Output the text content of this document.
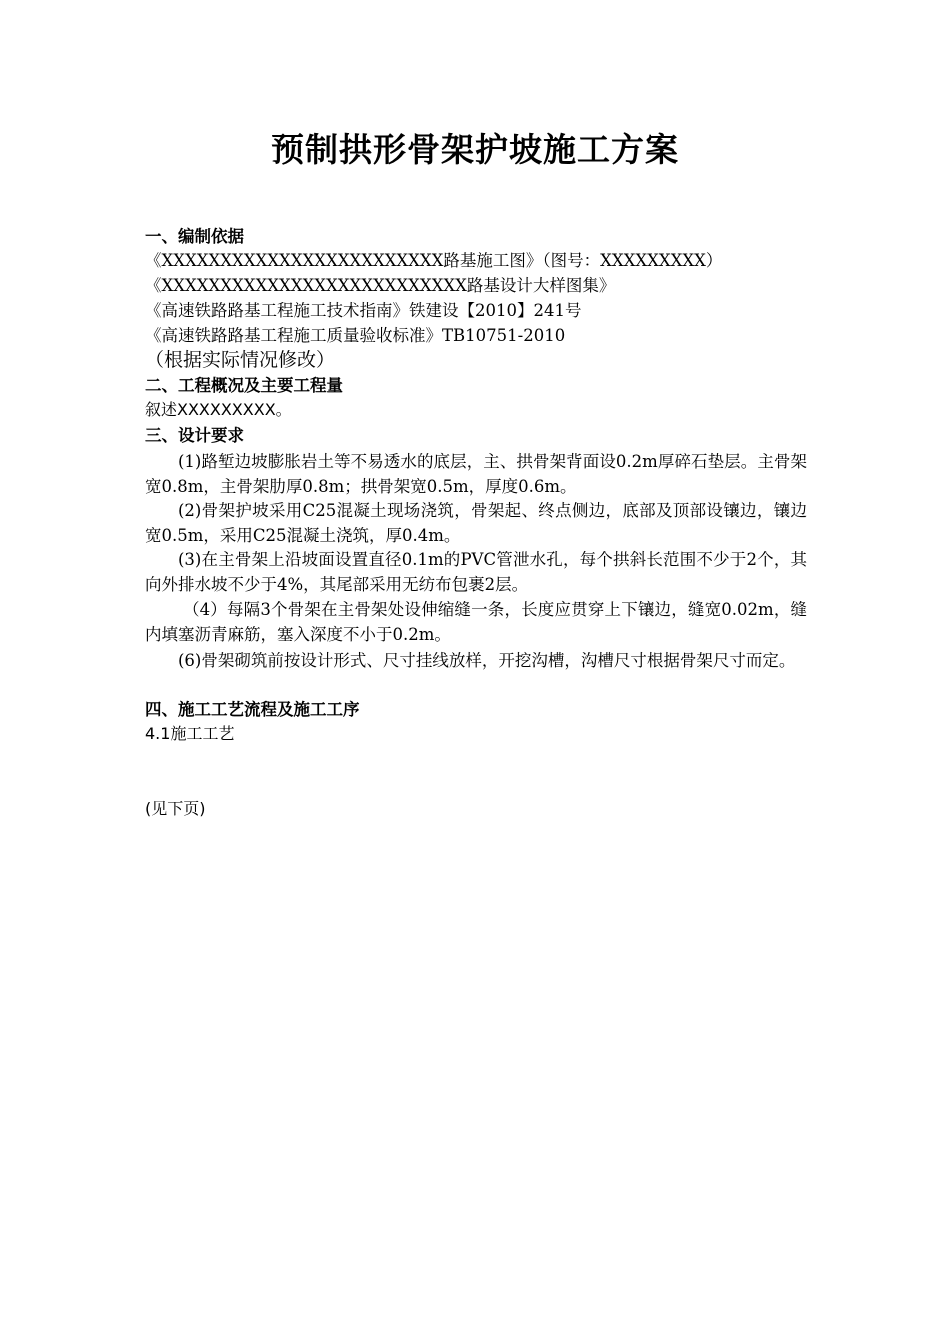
预制拱形骨架护坡施工方案
一、编制依据
《XXXXXXXXXXXXXXXXXXXXXXXX路基施工图》（图号：XXXXXXXXX）
《XXXXXXXXXXXXXXXXXXXXXXXXXX路基设计大样图集》
《高速铁路路基工程施工技术指南》铁建设【2010】241号
《高速铁路路基工程施工质量验收标准》TB10751-2010
（根据实际情况修改）
二、工程概况及主要工程量
叙述XXXXXXXXX。
三、设计要求
(1)路堑边坡膨胀岩土等不易透水的底层，主、拱骨架背面设0.2m厚碎石垫层。主骨架宽0.8m，主骨架肋厚0.8m；拱骨架宽0.5m，厚度0.6m。
(2)骨架护坡采用C25混凝土现场浇筑，骨架起、终点侧边，底部及顶部设镶边，镶边宽0.5m，采用C25混凝土浇筑，厚0.4m。
(3)在主骨架上沿坡面设置直径0.1m的PVC管泄水孔，每个拱斜长范围不少于2个，其向外排水坡不少于4%，其尾部采用无纺布包裹2层。
（4）每隔3个骨架在主骨架处设伸缩缝一条，长度应贯穿上下镶边，缝宽0.02m，缝内填塞沥青麻筋，塞入深度不小于0.2m。
(6)骨架砌筑前按设计形式、尺寸挂线放样，开挖沟槽，沟槽尺寸根据骨架尺寸而定。
四、施工工艺流程及施工工序
4.1施工工艺
(见下页)
